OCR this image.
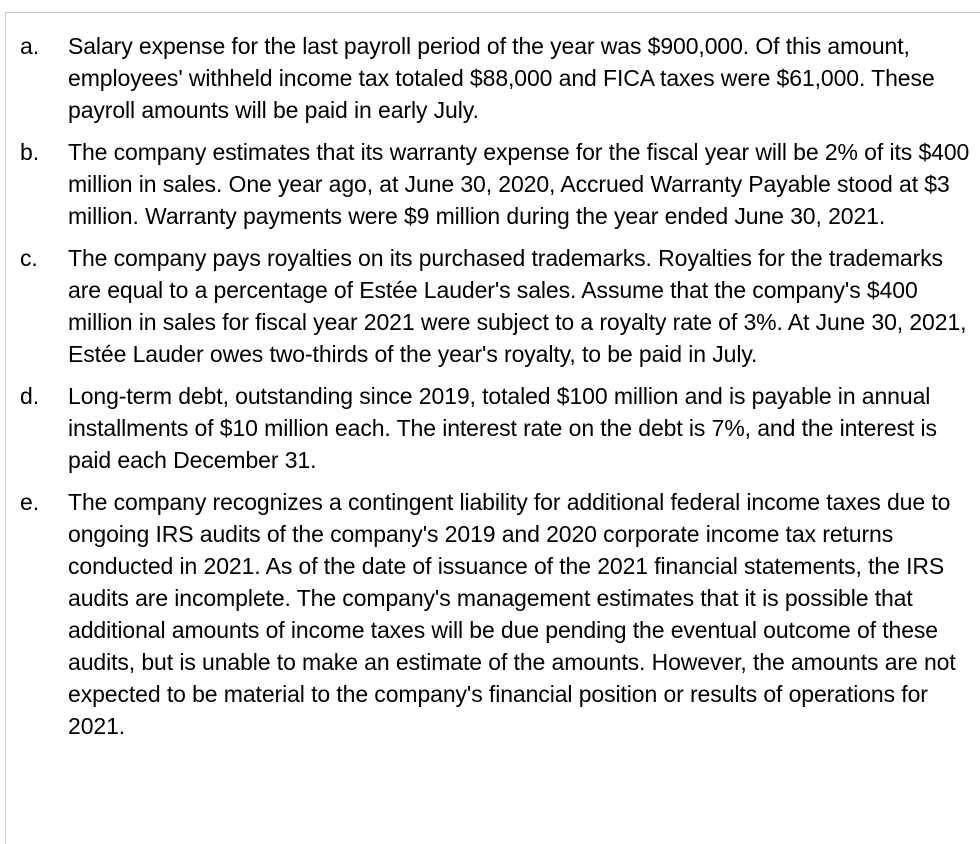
a.	Salary expense for the last payroll period of the year was $900,000. Of this amount, employees' withheld income tax totaled $88,000 and FICA taxes were $61,000. These payroll amounts will be paid in early July.
b.	The company estimates that its warranty expense for the fiscal year will be 2% of its $400 million in sales. One year ago, at June 30, 2020, Accrued Warranty Payable stood at $3 million. Warranty payments were $9 million during the year ended June 30, 2021.
c.	The company pays royalties on its purchased trademarks. Royalties for the trademarks are equal to a percentage of Estée Lauder's sales. Assume that the company's $400 million in sales for fiscal year 2021 were subject to a royalty rate of 3%. At June 30, 2021, Estée Lauder owes two-thirds of the year's royalty, to be paid in July.
d.	Long-term debt, outstanding since 2019, totaled $100 million and is payable in annual installments of $10 million each. The interest rate on the debt is 7%, and the interest is paid each December 31.
e.	The company recognizes a contingent liability for additional federal income taxes due to ongoing IRS audits of the company's 2019 and 2020 corporate income tax returns conducted in 2021. As of the date of issuance of the 2021 financial statements, the IRS audits are incomplete. The company's management estimates that it is possible that additional amounts of income taxes will be due pending the eventual outcome of these audits, but is unable to make an estimate of the amounts. However, the amounts are not expected to be material to the company's financial position or results of operations for 2021.
